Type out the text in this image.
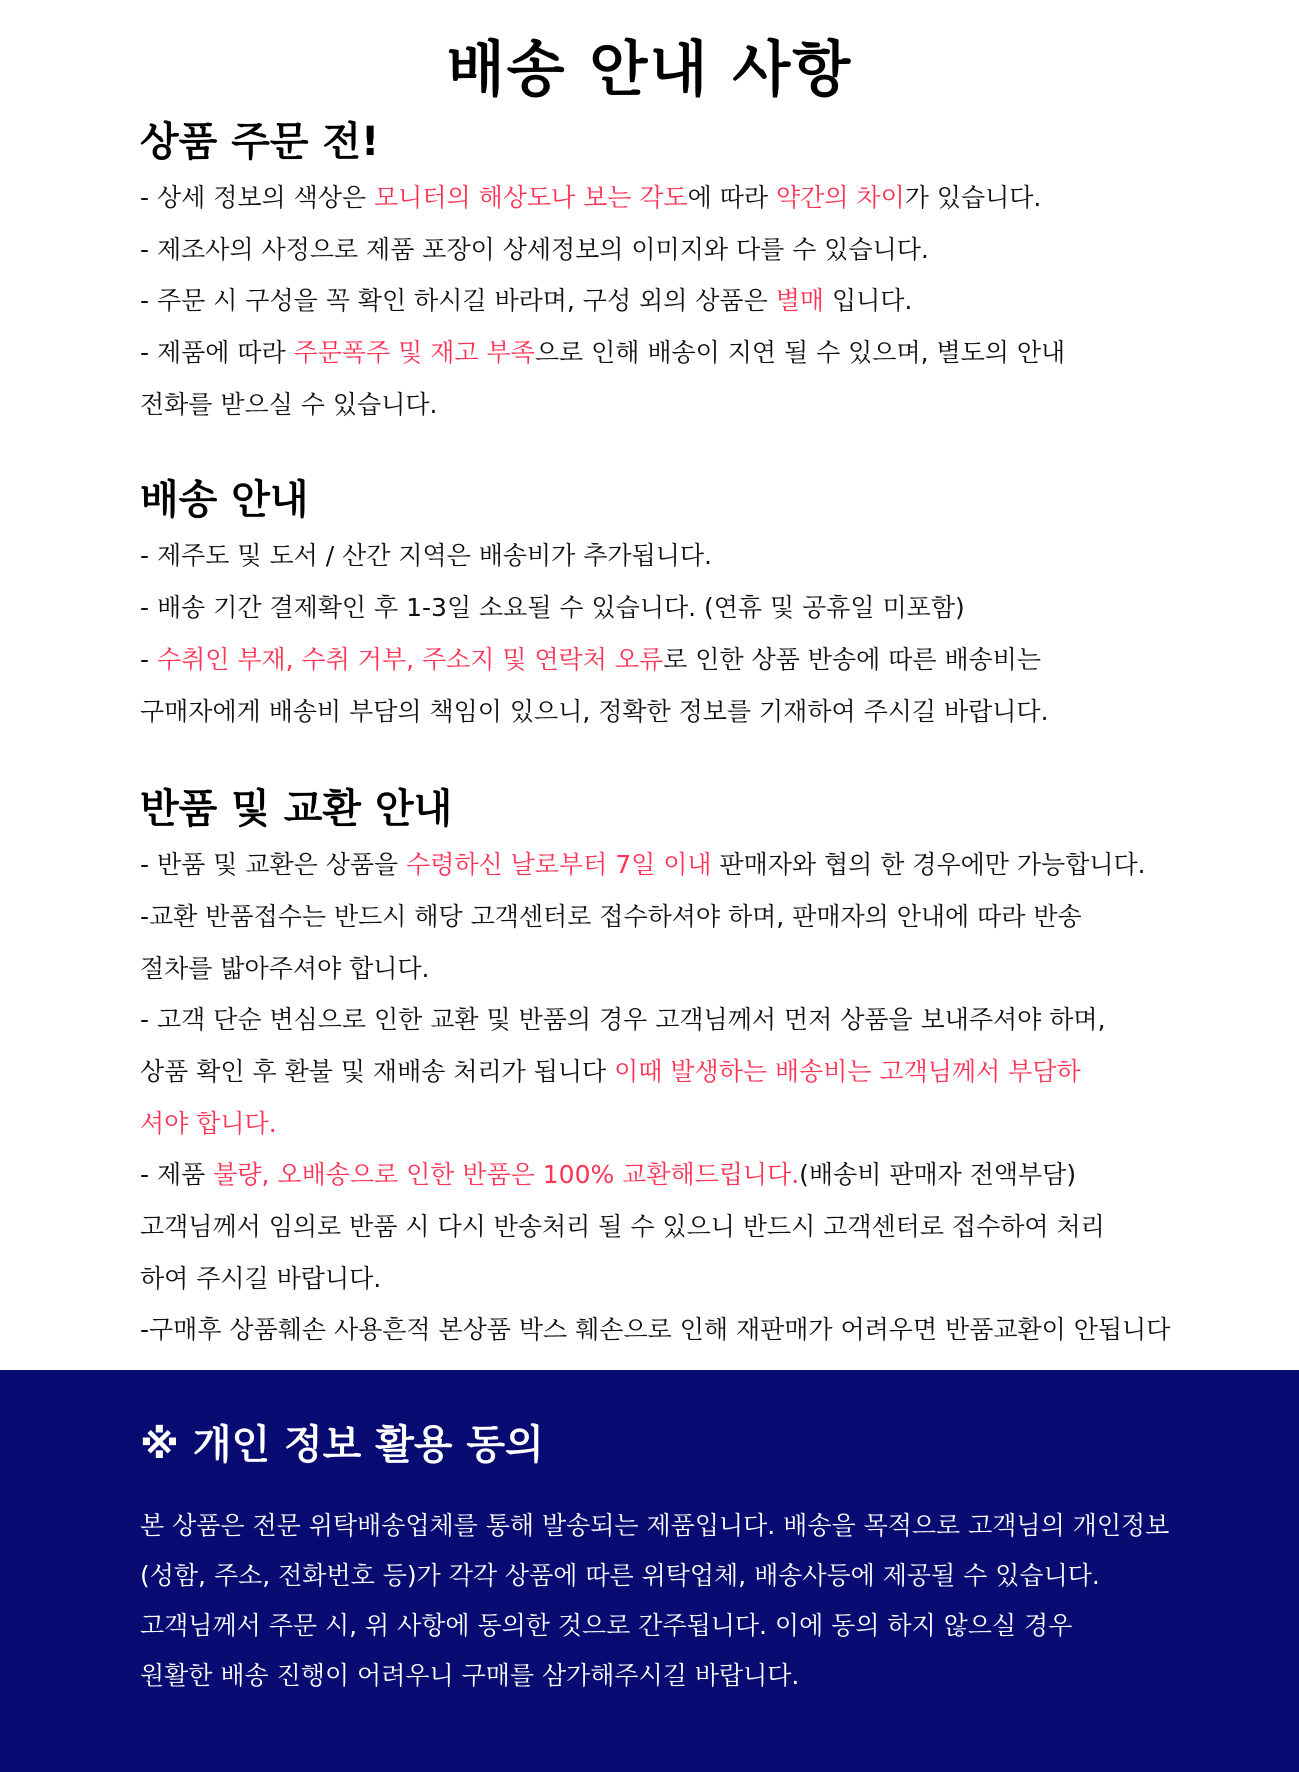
배송 안내 사항
상품 주문 전!
- 상세 정보의 색상은 모니터의 해상도나 보는 각도에 따라 약간의 차이가 있습니다.
- 제조사의 사정으로 제품 포장이 상세정보의 이미지와 다를 수 있습니다.
- 주문 시 구성을 꼭 확인 하시길 바라며, 구성 외의 상품은 별매 입니다.
- 제품에 따라 주문폭주 및 재고 부족으로 인해 배송이 지연 될 수 있으며, 별도의 안내
전화를 받으실 수 있습니다.
배송 안내
- 제주도 및 도서 / 산간 지역은 배송비가 추가됩니다.
- 배송 기간 결제확인 후 1-3일 소요될 수 있습니다. (연휴 및 공휴일 미포함)
- 수취인 부재, 수취 거부, 주소지 및 연락처 오류로 인한 상품 반송에 따른 배송비는
구매자에게 배송비 부담의 책임이 있으니, 정확한 정보를 기재하여 주시길 바랍니다.
반품 및 교환 안내
- 반품 및 교환은 상품을 수령하신 날로부터 7일 이내 판매자와 협의 한 경우에만 가능합니다.
-교환 반품접수는 반드시 해당 고객센터로 접수하셔야 하며, 판매자의 안내에 따라 반송
절차를 밟아주셔야 합니다.
- 고객 단순 변심으로 인한 교환 및 반품의 경우 고객님께서 먼저 상품을 보내주셔야 하며,
상품 확인 후 환불 및 재배송 처리가 됩니다 이때 발생하는 배송비는 고객님께서 부담하
셔야 합니다.
- 제품 불량, 오배송으로 인한 반품은 100% 교환해드립니다.(배송비 판매자 전액부담)
고객님께서 임의로 반품 시 다시 반송처리 될 수 있으니 반드시 고객센터로 접수하여 처리
하여 주시길 바랍니다.
-구매후 상품훼손 사용흔적 본상품 박스 훼손으로 인해 재판매가 어려우면 반품교환이 안됩니다
※ 개인 정보 활용 동의
본 상품은 전문 위탁배송업체를 통해 발송되는 제품입니다. 배송을 목적으로 고객님의 개인정보
(성함, 주소, 전화번호 등)가 각각 상품에 따른 위탁업체, 배송사등에 제공될 수 있습니다.
고객님께서 주문 시, 위 사항에 동의한 것으로 간주됩니다. 이에 동의 하지 않으실 경우
원활한 배송 진행이 어려우니 구매를 삼가해주시길 바랍니다.
